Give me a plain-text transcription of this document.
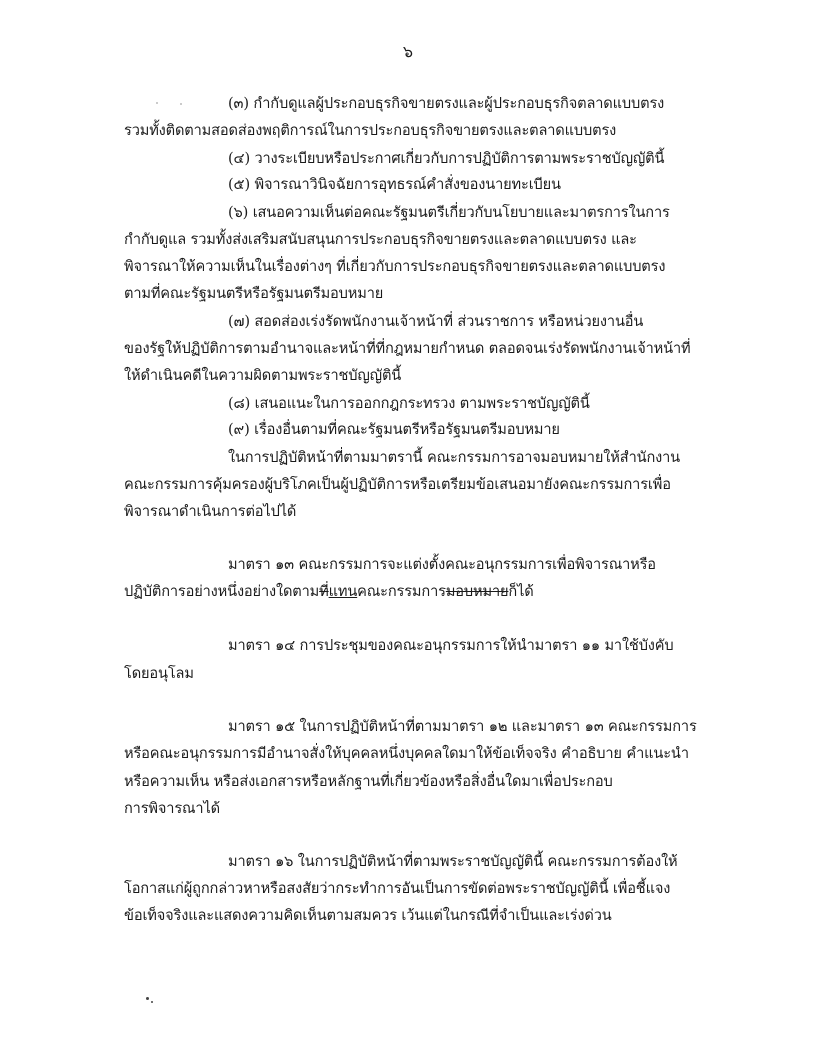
๖
(๓) กำกับดูแลผู้ประกอบธุรกิจขายตรงและผู้ประกอบธุรกิจตลาดแบบตรง
รวมทั้งติดตามสอดส่องพฤติการณ์ในการประกอบธุรกิจขายตรงและตลาดแบบตรง
(๔) วางระเบียบหรือประกาศเกี่ยวกับการปฏิบัติการตามพระราชบัญญัตินี้
(๕) พิจารณาวินิจฉัยการอุทธรณ์คำสั่งของนายทะเบียน
(๖) เสนอความเห็นต่อคณะรัฐมนตรีเกี่ยวกับนโยบายและมาตรการในการ
กำกับดูแล รวมทั้งส่งเสริมสนับสนุนการประกอบธุรกิจขายตรงและตลาดแบบตรง และ
พิจารณาให้ความเห็นในเรื่องต่างๆ ที่เกี่ยวกับการประกอบธุรกิจขายตรงและตลาดแบบตรง
ตามที่คณะรัฐมนตรีหรือรัฐมนตรีมอบหมาย
(๗) สอดส่องเร่งรัดพนักงานเจ้าหน้าที่ ส่วนราชการ หรือหน่วยงานอื่น
ของรัฐให้ปฏิบัติการตามอำนาจและหน้าที่ที่กฎหมายกำหนด ตลอดจนเร่งรัดพนักงานเจ้าหน้าที่
ให้ดำเนินคดีในความผิดตามพระราชบัญญัตินี้
(๘) เสนอแนะในการออกกฎกระทรวง ตามพระราชบัญญัตินี้
(๙) เรื่องอื่นตามที่คณะรัฐมนตรีหรือรัฐมนตรีมอบหมาย
ในการปฏิบัติหน้าที่ตามมาตรานี้ คณะกรรมการอาจมอบหมายให้สำนักงาน
คณะกรรมการคุ้มครองผู้บริโภคเป็นผู้ปฏิบัติการหรือเตรียมข้อเสนอมายังคณะกรรมการเพื่อ
พิจารณาดำเนินการต่อไปได้
มาตรา ๑๓ คณะกรรมการจะแต่งตั้งคณะอนุกรรมการเพื่อพิจารณาหรือ
ปฏิบัติการอย่างหนึ่งอย่างใดตามที่แทนคณะกรรมการมอบหมายก็ได้
มาตรา ๑๔ การประชุมของคณะอนุกรรมการให้นำมาตรา ๑๑ มาใช้บังคับ
โดยอนุโลม
มาตรา ๑๕ ในการปฏิบัติหน้าที่ตามมาตรา ๑๒ และมาตรา ๑๓ คณะกรรมการ
หรือคณะอนุกรรมการมีอำนาจสั่งให้บุคคลหนึ่งบุคคลใดมาให้ข้อเท็จจริง คำอธิบาย คำแนะนำ
หรือความเห็น หรือส่งเอกสารหรือหลักฐานที่เกี่ยวข้องหรือสิ่งอื่นใดมาเพื่อประกอบ
การพิจารณาได้
มาตรา ๑๖ ในการปฏิบัติหน้าที่ตามพระราชบัญญัตินี้ คณะกรรมการต้องให้
โอกาสแก่ผู้ถูกกล่าวหาหรือสงสัยว่ากระทำการอันเป็นการขัดต่อพระราชบัญญัตินี้ เพื่อชี้แจง
ข้อเท็จจริงและแสดงความคิดเห็นตามสมควร เว้นแต่ในกรณีที่จำเป็นและเร่งด่วน
